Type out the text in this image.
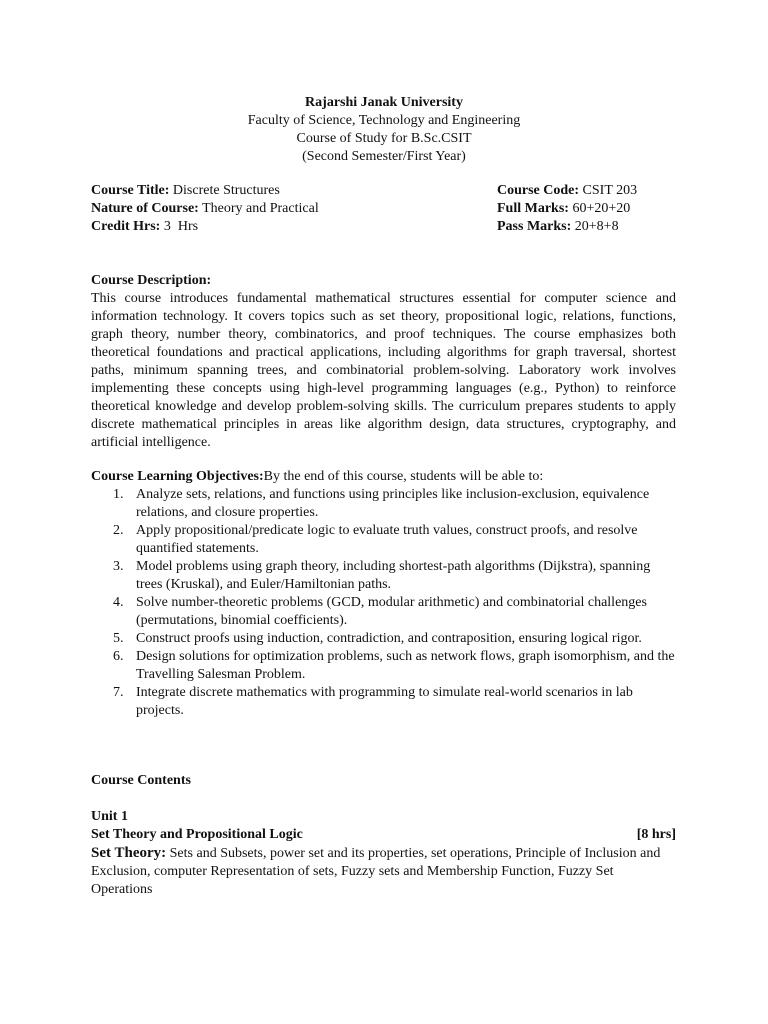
Rajarshi Janak University
Faculty of Science, Technology and Engineering
Course of Study for B.Sc.CSIT
(Second Semester/First Year)
Course Title: Discrete Structures	Course Code: CSIT 203
Nature of Course: Theory and Practical	Full Marks: 60+20+20
Credit Hrs: 3  Hrs	Pass Marks: 20+8+8
Course Description:

This course introduces fundamental mathematical structures essential for computer science and information technology. It covers topics such as set theory, propositional logic, relations, functions, graph theory, number theory, combinatorics, and proof techniques. The course emphasizes both theoretical foundations and practical applications, including algorithms for graph traversal, shortest paths, minimum spanning trees, and combinatorial problem-solving. Laboratory work involves implementing these concepts using high-level programming languages (e.g., Python) to reinforce theoretical knowledge and develop problem-solving skills. The curriculum prepares students to apply discrete mathematical principles in areas like algorithm design, data structures, cryptography, and artificial intelligence.

Course Learning Objectives:By the end of this course, students will be able to:
1. Analyze sets, relations, and functions using principles like inclusion-exclusion, equivalence relations, and closure properties.
2. Apply propositional/predicate logic to evaluate truth values, construct proofs, and resolve quantified statements.
3. Model problems using graph theory, including shortest-path algorithms (Dijkstra), spanning trees (Kruskal), and Euler/Hamiltonian paths.
4. Solve number-theoretic problems (GCD, modular arithmetic) and combinatorial challenges (permutations, binomial coefficients).
5. Construct proofs using induction, contradiction, and contraposition, ensuring logical rigor.
6. Design solutions for optimization problems, such as network flows, graph isomorphism, and the Travelling Salesman Problem.
7. Integrate discrete mathematics with programming to simulate real-world scenarios in lab projects.
Course Contents
Unit 1
Set Theory and Propositional Logic	[8 hrs]
Set Theory: Sets and Subsets, power set and its properties, set operations, Principle of Inclusion and Exclusion, computer Representation of sets, Fuzzy sets and Membership Function, Fuzzy Set Operations
